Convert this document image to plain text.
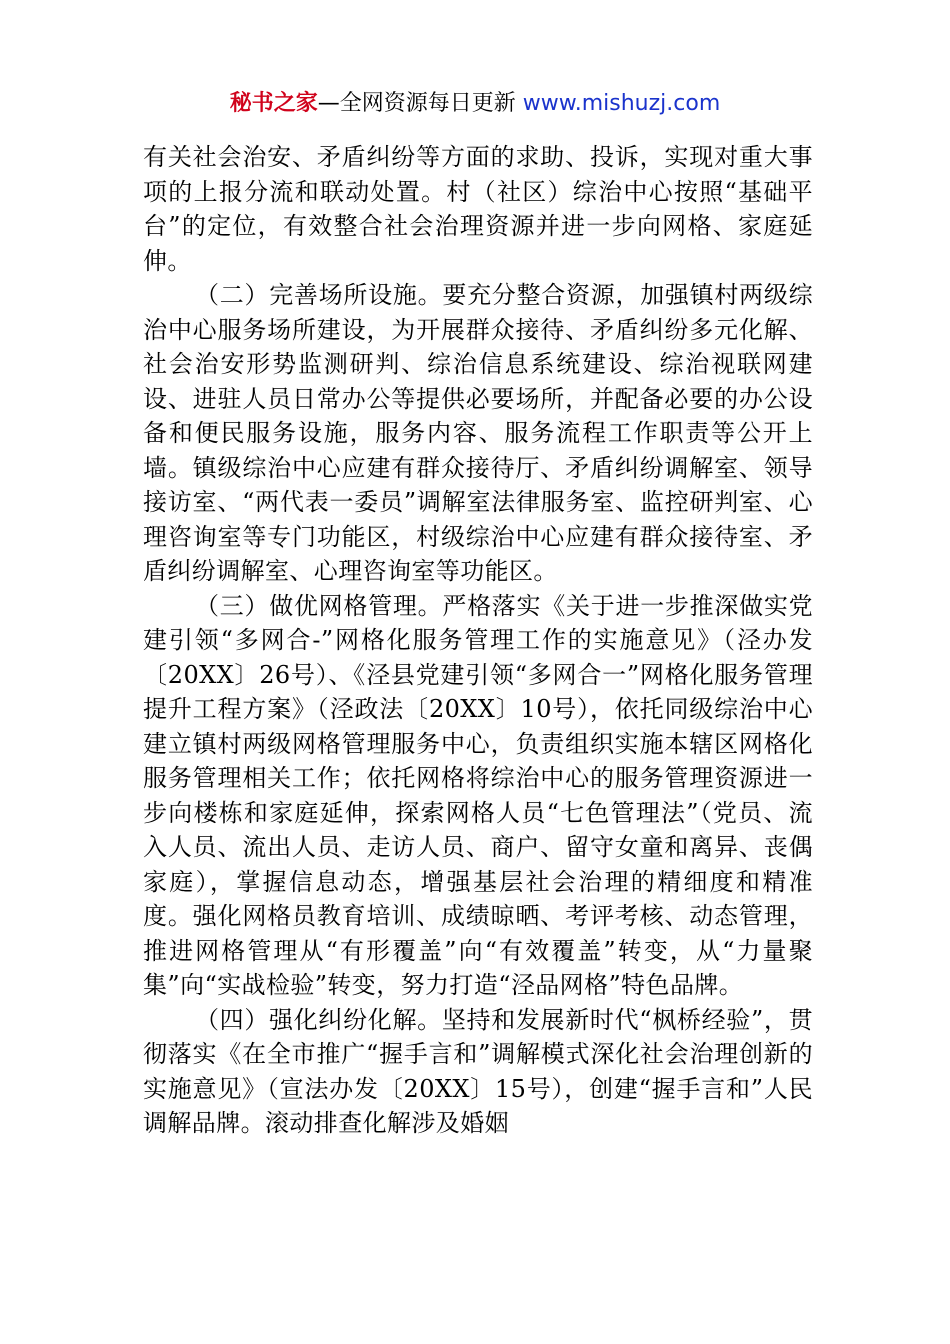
秘书之家—全网资源每日更新 www.mishuzj.com

有关社会治安、矛盾纠纷等方面的求助、投诉，实现对重大事项的上报分流和联动处置。村（社区）综治中心按照“基础平台”的定位，有效整合社会治理资源并进一步向网格、家庭延伸。

（二）完善场所设施。要充分整合资源，加强镇村两级综治中心服务场所建设，为开展群众接待、矛盾纠纷多元化解、社会治安形势监测研判、综治信息系统建设、综治视联网建设、进驻人员日常办公等提供必要场所，并配备必要的办公设备和便民服务设施，服务内容、服务流程工作职责等公开上墙。镇级综治中心应建有群众接待厅、矛盾纠纷调解室、领导接访室、“两代表一委员”调解室法律服务室、监控研判室、心理咨询室等专门功能区，村级综治中心应建有群众接待室、矛盾纠纷调解室、心理咨询室等功能区。

（三）做优网格管理。严格落实《关于进一步推深做实党建引领“多网合-”网格化服务管理工作的实施意见》（泾办发〔20XX〕26号）、《泾县党建引领“多网合一”网格化服务管理提升工程方案》（泾政法〔20XX〕10号），依托同级综治中心建立镇村两级网格管理服务中心，负责组织实施本辖区网格化服务管理相关工作；依托网格将综治中心的服务管理资源进一步向楼栋和家庭延伸，探索网格人员“七色管理法”（党员、流入人员、流出人员、走访人员、商户、留守女童和离异、丧偶家庭），掌握信息动态，增强基层社会治理的精细度和精准度。强化网格员教育培训、成绩晾晒、考评考核、动态管理，推进网格管理从“有形覆盖”向“有效覆盖”转变，从“力量聚集”向“实战检验”转变，努力打造“泾品网格”特色品牌。

（四）强化纠纷化解。坚持和发展新时代“枫桥经验”，贯彻落实《在全市推广“握手言和”调解模式深化社会治理创新的实施意见》（宣法办发〔20XX〕15号），创建“握手言和”人民调解品牌。滚动排查化解涉及婚姻
